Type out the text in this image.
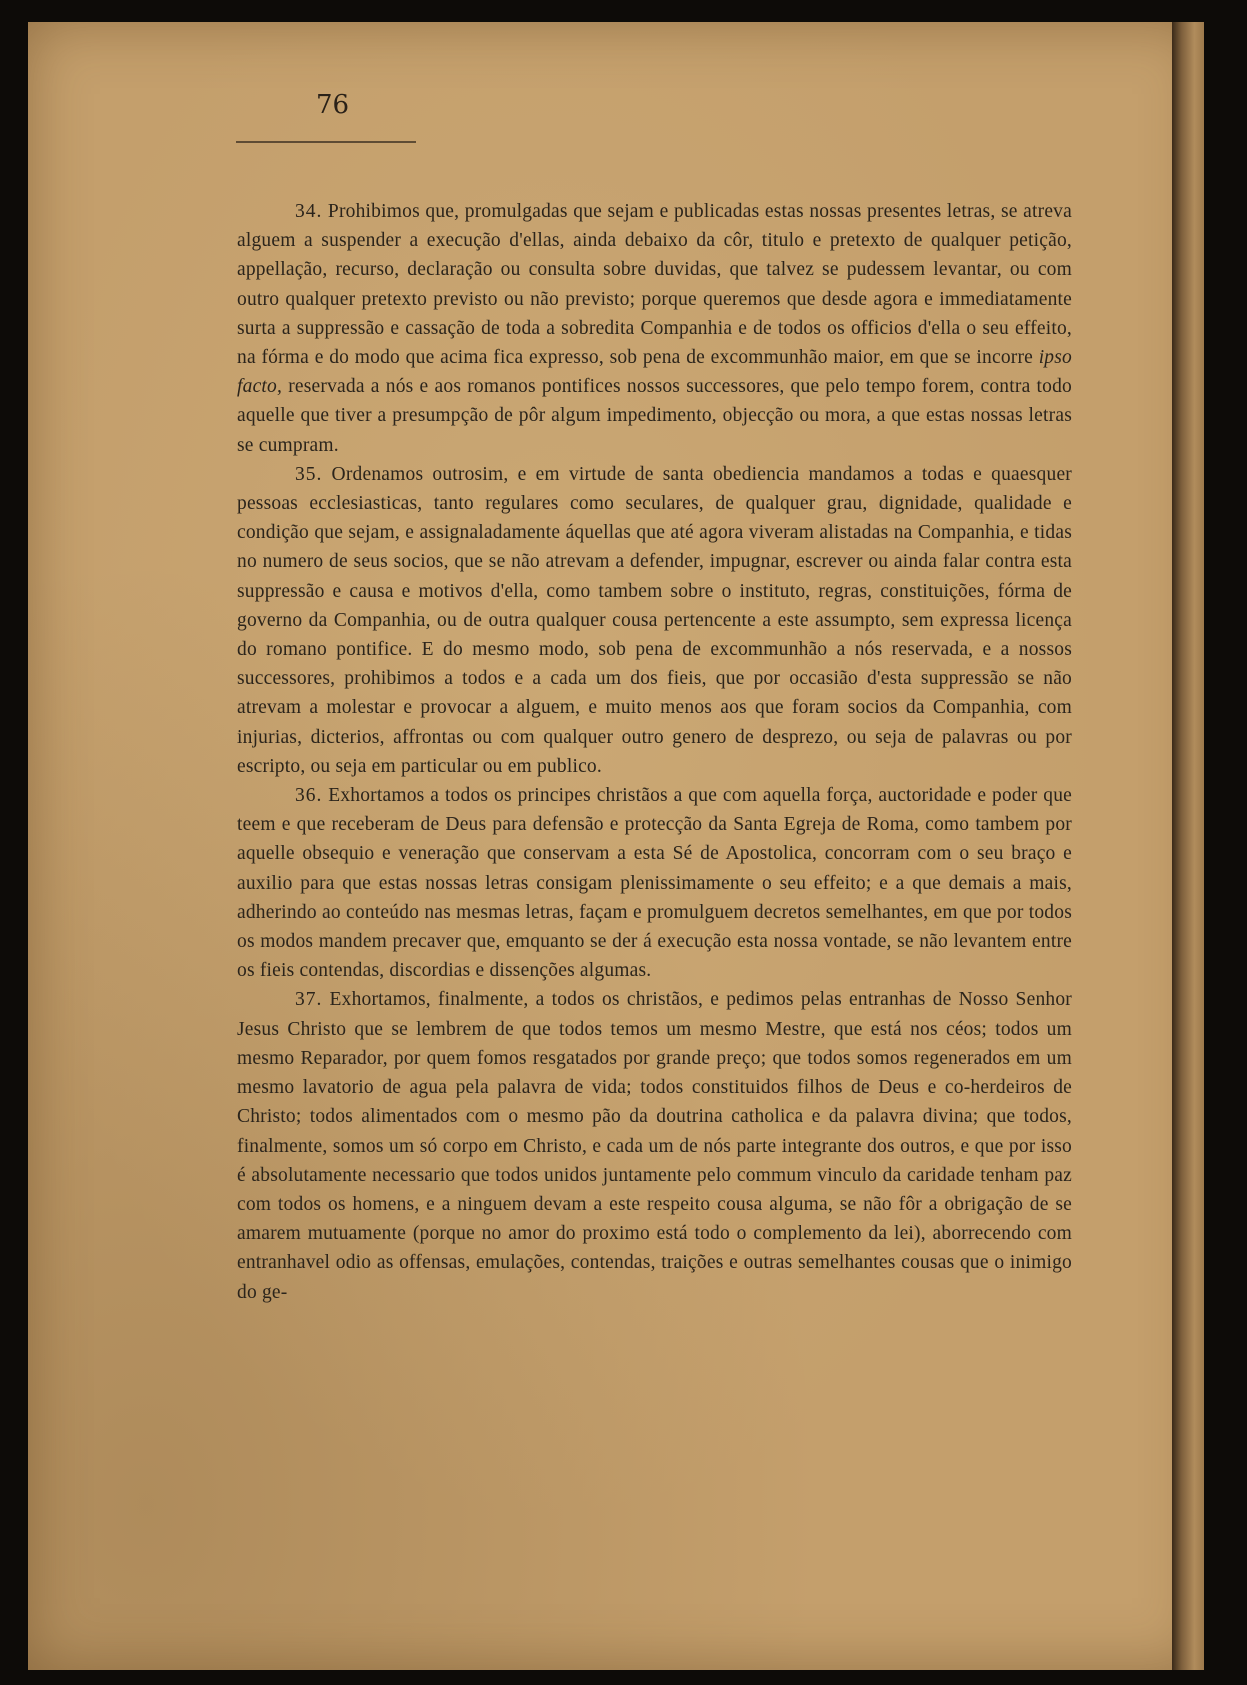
76

34. Prohibimos que, promulgadas que sejam e publicadas estas nossas presentes letras, se atreva alguem a suspender a execução d'ellas, ainda debaixo da côr, titulo e pretexto de qualquer petição, appellação, recurso, declaração ou consulta sobre duvidas, que talvez se pudessem levantar, ou com outro qualquer pretexto previsto ou não previsto; porque queremos que desde agora e immediatamente surta a suppressão e cassação de toda a sobredita Companhia e de todos os officios d'ella o seu effeito, na fórma e do modo que acima fica expresso, sob pena de excommunhão maior, em que se incorre ipso facto, reservada a nós e aos romanos pontifices nossos successores, que pelo tempo forem, contra todo aquelle que tiver a presumpção de pôr algum impedimento, objecção ou mora, a que estas nossas letras se cumpram.

35. Ordenamos outrosim, e em virtude de santa obediencia mandamos a todas e quaesquer pessoas ecclesiasticas, tanto regulares como seculares, de qualquer grau, dignidade, qualidade e condição que sejam, e assignaladamente áquellas que até agora viveram alistadas na Companhia, e tidas no numero de seus socios, que se não atrevam a defender, impugnar, escrever ou ainda falar contra esta suppressão e causa e motivos d'ella, como tambem sobre o instituto, regras, constituições, fórma de governo da Companhia, ou de outra qualquer cousa pertencente a este assumpto, sem expressa licença do romano pontifice. E do mesmo modo, sob pena de excommunhão a nós reservada, e a nossos successores, prohibimos a todos e a cada um dos fieis, que por occasião d'esta suppressão se não atrevam a molestar e provocar a alguem, e muito menos aos que foram socios da Companhia, com injurias, dicterios, affrontas ou com qualquer outro genero de desprezo, ou seja de palavras ou por escripto, ou seja em particular ou em publico.

36. Exhortamos a todos os principes christãos a que com aquella força, auctoridade e poder que teem e que receberam de Deus para defensão e protecção da Santa Egreja de Roma, como tambem por aquelle obsequio e veneração que conservam a esta Sé de Apostolica, concorram com o seu braço e auxilio para que estas nossas letras consigam plenissimamente o seu effeito; e a que demais a mais, adherindo ao conteúdo nas mesmas letras, façam e promulguem decretos semelhantes, em que por todos os modos mandem precaver que, emquanto se der á execução esta nossa vontade, se não levantem entre os fieis contendas, discordias e dissenções algumas.

37. Exhortamos, finalmente, a todos os christãos, e pedimos pelas entranhas de Nosso Senhor Jesus Christo que se lembrem de que todos temos um mesmo Mestre, que está nos céos; todos um mesmo Reparador, por quem fomos resgatados por grande preço; que todos somos regenerados em um mesmo lavatorio de agua pela palavra de vida; todos constituidos filhos de Deus e co-herdeiros de Christo; todos alimentados com o mesmo pão da doutrina catholica e da palavra divina; que todos, finalmente, somos um só corpo em Christo, e cada um de nós parte integrante dos outros, e que por isso é absolutamente necessario que todos unidos juntamente pelo commum vinculo da caridade tenham paz com todos os homens, e a ninguem devam a este respeito cousa alguma, se não fôr a obrigação de se amarem mutuamente (porque no amor do proximo está todo o complemento da lei), aborrecendo com entranhavel odio as offensas, emulações, contendas, traições e outras semelhantes cousas que o inimigo do ge-
